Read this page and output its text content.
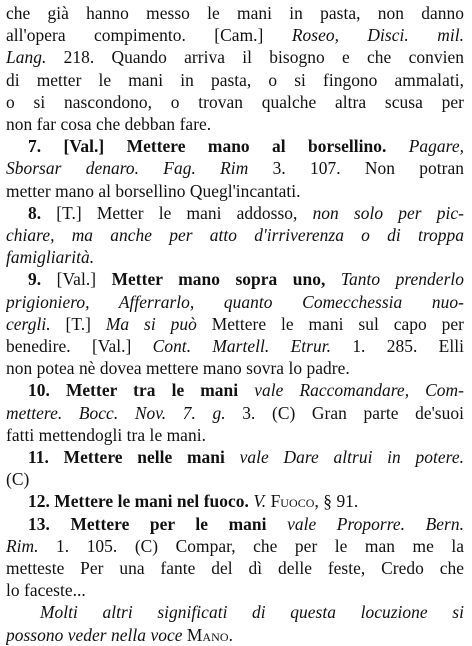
che già hanno messo le mani in pasta, non danno
all'opera compimento. [Cam.] Roseo, Disci. mil.
Lang. 218. Quando arriva il bisogno e che convien
di metter le mani in pasta, o si fingono ammalati,
o si nascondono, o trovan qualche altra scusa per
non far cosa che debban fare.
7. [Val.] Mettere mano al borsellino. Pagare,
Sborsar denaro. Fag. Rim 3. 107. Non potran
metter mano al borsellino Quegl'incantati.
8. [T.] Metter le mani addosso, non solo per pic-
chiare, ma anche per atto d'irriverenza o di troppa
famigliarità.
9. [Val.] Metter mano sopra uno, Tanto prenderlo
prigioniero, Afferrarlo, quanto Comecchessia nuo-
cergli. [T.] Ma si può Mettere le mani sul capo per
benedire. [Val.] Cont. Martell. Etrur. 1. 285. Elli
non potea nè dovea mettere mano sovra lo padre.
10. Metter tra le mani vale Raccomandare, Com-
mettere. Bocc. Nov. 7. g. 3. (C) Gran parte de'suoi
fatti mettendogli tra le mani.
11. Mettere nelle mani vale Dare altrui in potere.
(C)
12. Mettere le mani nel fuoco. V. Fuoco, § 91.
13. Mettere per le mani vale Proporre. Bern.
Rim. 1. 105. (C) Compar, che per le man me la
metteste Per una fante del dì delle feste, Credo che
lo faceste...
Molti altri significati di questa locuzione si
possono veder nella voce Mano.
